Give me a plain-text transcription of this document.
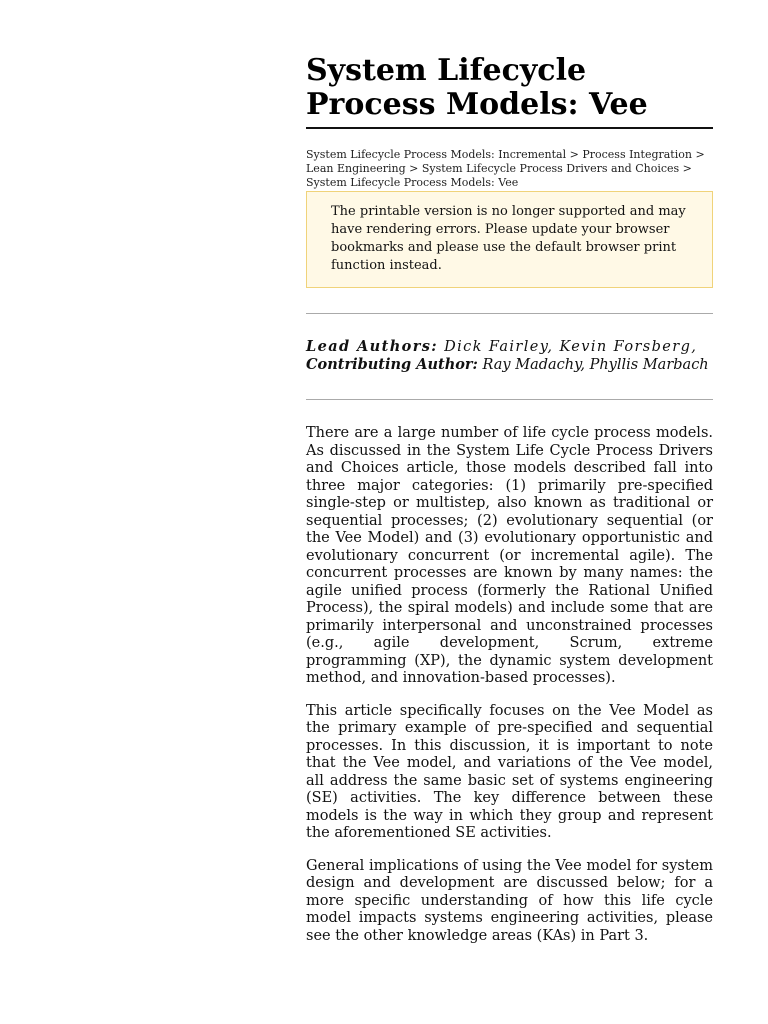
System Lifecycle Process Models: Vee
System Lifecycle Process Models: Incremental > Process Integration > Lean Engineering > System Lifecycle Process Drivers and Choices > System Lifecycle Process Models: Vee
The printable version is no longer supported and may have rendering errors. Please update your browser bookmarks and please use the default browser print function instead.
Lead Authors: Dick Fairley, Kevin Forsberg,
Contributing Author: Ray Madachy, Phyllis Marbach

There are a large number of life cycle process models. As discussed in the System Life Cycle Process Drivers and Choices article, those models described fall into three major categories: (1) primarily pre-specified single-step or multistep, also known as traditional or sequential processes; (2) evolutionary sequential (or the Vee Model) and (3) evolutionary opportunistic and evolutionary concurrent (or incremental agile). The concurrent processes are known by many names: the agile unified process (formerly the Rational Unified Process), the spiral models) and include some that are primarily interpersonal and unconstrained processes (e.g., agile development, Scrum, extreme programming (XP), the dynamic system development method, and innovation-based processes).

This article specifically focuses on the Vee Model as the primary example of pre-specified and sequential processes. In this discussion, it is important to note that the Vee model, and variations of the Vee model, all address the same basic set of systems engineering (SE) activities. The key difference between these models is the way in which they group and represent the aforementioned SE activities.

General implications of using the Vee model for system design and development are discussed below; for a more specific understanding of how this life cycle model impacts systems engineering activities, please see the other knowledge areas (KAs) in Part 3.
